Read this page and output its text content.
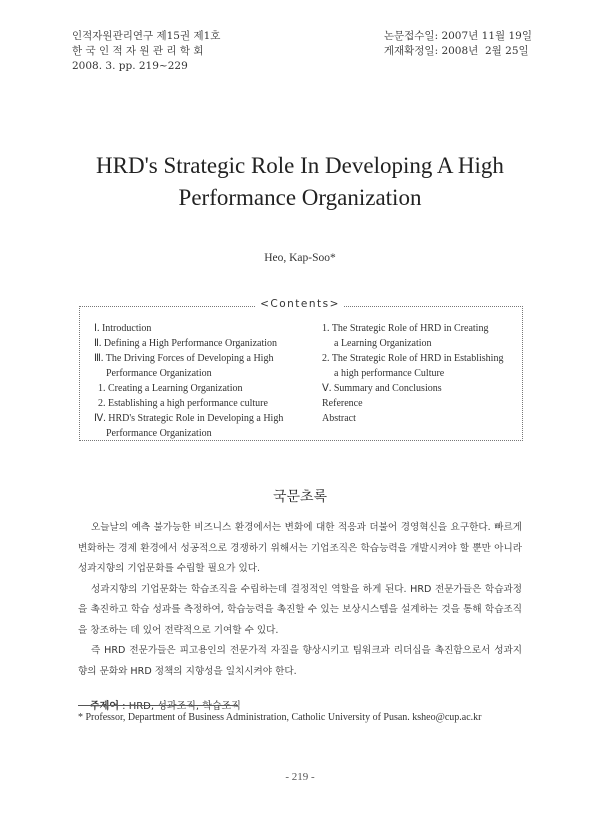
인적자원관리연구 제15권 제1호
한 국 인 적 자 원 관 리 학 회
2008. 3. pp. 219~229
논문접수일: 2007년 11월 19일
게재확정일: 2008년  2월 25일
HRD's Strategic Role In Developing A High
Performance Organization
Heo, Kap-Soo*
Ⅰ. Introduction
Ⅱ. Defining a High Performance Organization
Ⅲ. The Driving Forces of Developing a High
Performance Organization
1. Creating a Learning Organization
2. Establishing a high performance culture
Ⅳ. HRD's Strategic Role in Developing a High
Performance Organization
1. The Strategic Role of HRD in Creating
a Learning Organization
2. The Strategic Role of HRD in Establishing
a high performance Culture
Ⅴ. Summary and Conclusions
Reference
Abstract
<Contents>
국문초록

오늘날의 예측 불가능한 비즈니스 환경에서는 변화에 대한 적응과 더불어 경영혁신을 요구한다. 빠르게 변화하는 경제 환경에서 성공적으로 경쟁하기 위해서는 기업조직은 학습능력을 개발시켜야 할 뿐만 아니라 성과지향의 기업문화를 수립할 필요가 있다.

성과지향의 기업문화는 학습조직을 수립하는데 결정적인 역할을 하게 된다. HRD 전문가들은 학습과정을 촉진하고 학습 성과를 측정하여, 학습능력을 촉진할 수 있는 보상시스템을 설계하는 것을 통해 학습조직을 창조하는 데 있어 전략적으로 기여할 수 있다.

즉 HRD 전문가들은 피고용인의 전문가적 자질을 향상시키고 팀워크과 리더십을 촉진함으로서 성과지향의 문화와 HRD 정책의 지향성을 일치시켜야 한다.

주제어 : HRD, 성과조직, 학습조직
* Professor, Department of Business Administration, Catholic University of Pusan. ksheo@cup.ac.kr
- 219 -
